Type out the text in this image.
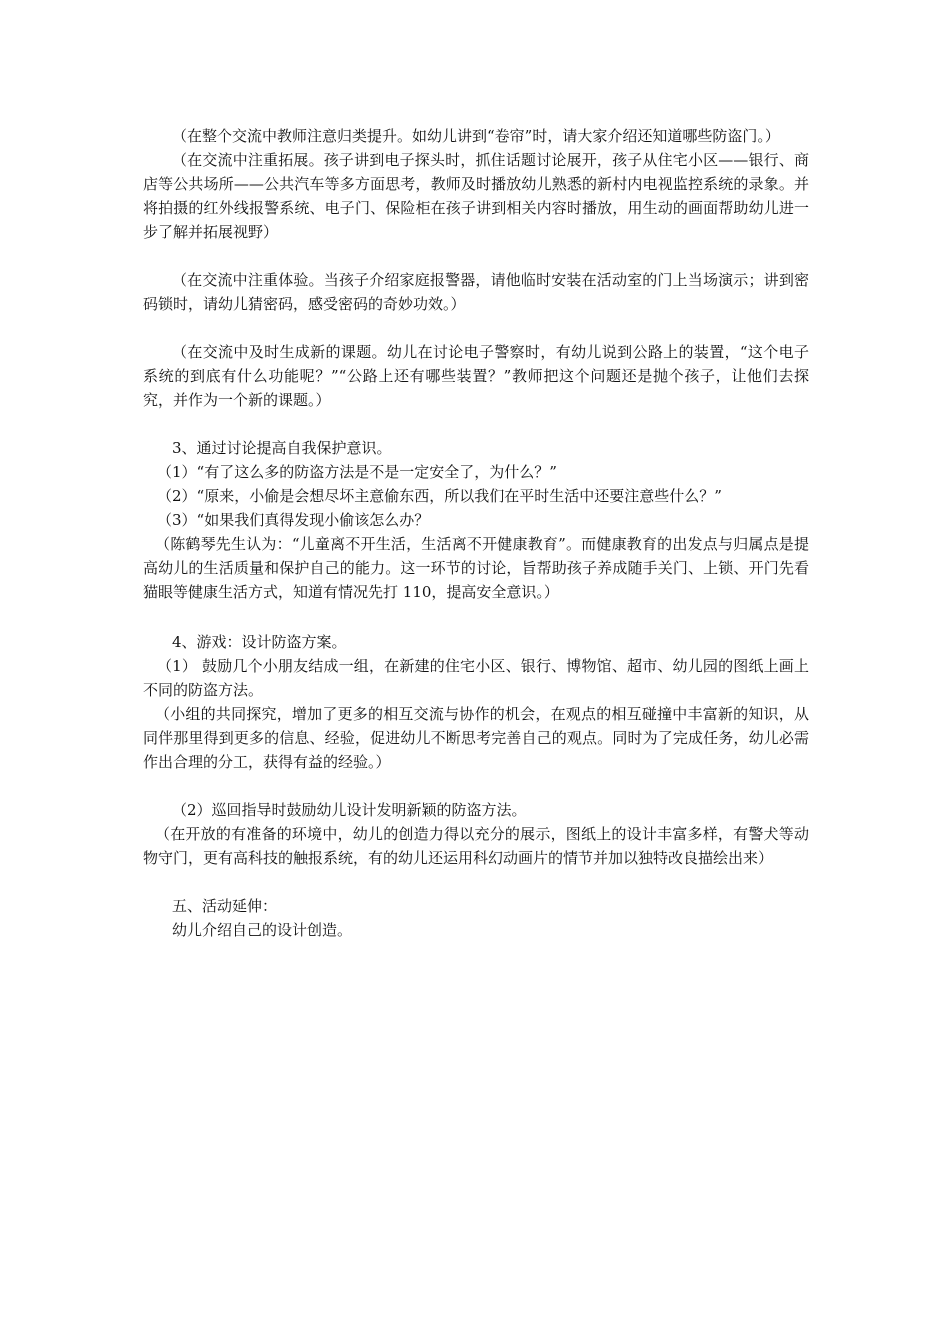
（在整个交流中教师注意归类提升。如幼儿讲到“卷帘”时，请大家介绍还知道哪些防盗门。）

（在交流中注重拓展。孩子讲到电子探头时，抓住话题讨论展开，孩子从住宅小区——银行、商店等公共场所——公共汽车等多方面思考，教师及时播放幼儿熟悉的新村内电视监控系统的录象。并将拍摄的红外线报警系统、电子门、保险柜在孩子讲到相关内容时播放，用生动的画面帮助幼儿进一步了解并拓展视野）

（在交流中注重体验。当孩子介绍家庭报警器，请他临时安装在活动室的门上当场演示；讲到密码锁时，请幼儿猜密码，感受密码的奇妙功效。）

（在交流中及时生成新的课题。幼儿在讨论电子警察时，有幼儿说到公路上的装置，“这个电子系统的到底有什么功能呢？”“公路上还有哪些装置？”教师把这个问题还是抛个孩子，让他们去探究，并作为一个新的课题。）

3、通过讨论提高自我保护意识。

（1）“有了这么多的防盗方法是不是一定安全了，为什么？”

（2）“原来，小偷是会想尽坏主意偷东西，所以我们在平时生活中还要注意些什么？”

（3）“如果我们真得发现小偷该怎么办？

（陈鹤琴先生认为：“儿童离不开生活，生活离不开健康教育”。而健康教育的出发点与归属点是提高幼儿的生活质量和保护自己的能力。这一环节的讨论，旨帮助孩子养成随手关门、上锁、开门先看猫眼等健康生活方式，知道有情况先打 110，提高安全意识。）

4、游戏：设计防盗方案。

（1） 鼓励几个小朋友结成一组，在新建的住宅小区、银行、博物馆、超市、幼儿园的图纸上画上不同的防盗方法。

（小组的共同探究，增加了更多的相互交流与协作的机会，在观点的相互碰撞中丰富新的知识，从同伴那里得到更多的信息、经验，促进幼儿不断思考完善自己的观点。同时为了完成任务，幼儿必需作出合理的分工，获得有益的经验。）

（2）巡回指导时鼓励幼儿设计发明新颖的防盗方法。

（在开放的有准备的环境中，幼儿的创造力得以充分的展示，图纸上的设计丰富多样，有警犬等动物守门，更有高科技的触报系统，有的幼儿还运用科幻动画片的情节并加以独特改良描绘出来）

五、活动延伸：

幼儿介绍自己的设计创造。
